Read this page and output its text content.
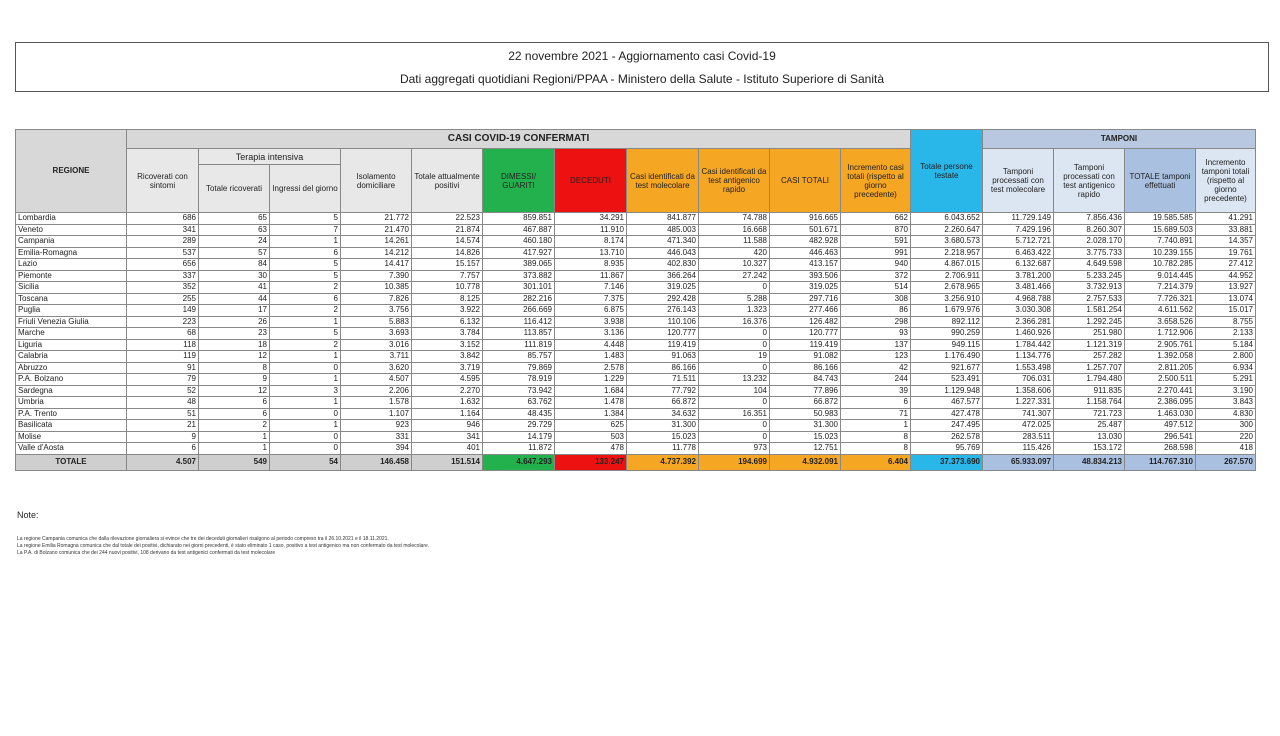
22 novembre 2021 - Aggiornamento casi Covid-19
Dati aggregati quotidiani Regioni/PPAA - Ministero della Salute - Istituto Superiore di Sanità
REGIONE	CASI COVID-19 CONFERMATI											Totale persone testate	TAMPONI			
	Ricoverati con sintomi	Terapia intensiva		Isolamento domiciliare	Totale attualmente positivi	DIMESSI/ GUARITI	DECEDUTI	Casi identificati da test molecolare	Casi identificati da test antigenico rapido	CASI TOTALI	Incremento casi totali (rispetto al giorno precedente)		Tamponi processati con test molecolare	Tamponi processati con test antigenico rapido	TOTALE tamponi effettuati	Incremento tamponi totali (rispetto al giorno precedente)
		Totale ricoverati	Ingressi del giorno													
Lombardia	686	65	5	21.772	22.523	859.851	34.291	841.877	74.788	916.665	662	6.043.652	11.729.149	7.856.436	19.585.585	41.291
Veneto	341	63	7	21.470	21.874	467.887	11.910	485.003	16.668	501.671	870	2.260.647	7.429.196	8.260.307	15.689.503	33.881
Campania	289	24	1	14.261	14.574	460.180	8.174	471.340	11.588	482.928	591	3.680.573	5.712.721	2.028.170	7.740.891	14.357
Emilia-Romagna	537	57	6	14.212	14.826	417.927	13.710	446.043	420	446.463	991	2.218.957	6.463.422	3.775.733	10.239.155	19.761
Lazio	656	84	5	14.417	15.157	389.065	8.935	402.830	10.327	413.157	940	4.867.015	6.132.687	4.649.598	10.782.285	27.412
Piemonte	337	30	5	7.390	7.757	373.882	11.867	366.264	27.242	393.506	372	2.706.911	3.781.200	5.233.245	9.014.445	44.952
Sicilia	352	41	2	10.385	10.778	301.101	7.146	319.025	0	319.025	514	2.678.965	3.481.466	3.732.913	7.214.379	13.927
Toscana	255	44	6	7.826	8.125	282.216	7.375	292.428	5.288	297.716	308	3.256.910	4.968.788	2.757.533	7.726.321	13.074
Puglia	149	17	2	3.756	3.922	266.669	6.875	276.143	1.323	277.466	86	1.679.976	3.030.308	1.581.254	4.611.562	15.017
Friuli Venezia Giulia	223	26	1	5.883	6.132	116.412	3.938	110.106	16.376	126.482	298	892.112	2.366.281	1.292.245	3.658.526	8.755
Marche	68	23	5	3.693	3.784	113.857	3.136	120.777	0	120.777	93	990.259	1.460.926	251.980	1.712.906	2.133
Liguria	118	18	2	3.016	3.152	111.819	4.448	119.419	0	119.419	137	949.115	1.784.442	1.121.319	2.905.761	5.184
Calabria	119	12	1	3.711	3.842	85.757	1.483	91.063	19	91.082	123	1.176.490	1.134.776	257.282	1.392.058	2.800
Abruzzo	91	8	0	3.620	3.719	79.869	2.578	86.166	0	86.166	42	921.677	1.553.498	1.257.707	2.811.205	6.934
P.A. Bolzano	79	9	1	4.507	4.595	78.919	1.229	71.511	13.232	84.743	244	523.491	706.031	1.794.480	2.500.511	5.291
Sardegna	52	12	3	2.206	2.270	73.942	1.684	77.792	104	77.896	39	1.129.948	1.358.606	911.835	2.270.441	3.190
Umbria	48	6	1	1.578	1.632	63.762	1.478	66.872	0	66.872	6	467.577	1.227.331	1.158.764	2.386.095	3.843
P.A. Trento	51	6	0	1.107	1.164	48.435	1.384	34.632	16.351	50.983	71	427.478	741.307	721.723	1.463.030	4.830
Basilicata	21	2	1	923	946	29.729	625	31.300	0	31.300	1	247.495	472.025	25.487	497.512	300
Molise	9	1	0	331	341	14.179	503	15.023	0	15.023	8	262.578	283.511	13.030	296.541	220
Valle d'Aosta	6	1	0	394	401	11.872	478	11.778	973	12.751	8	95.769	115.426	153.172	268.598	418
TOTALE	4.507	549	54	146.458	151.514	4.647.293	133.247	4.737.392	194.699	4.932.091	6.404	37.373.690	65.933.097	48.834.213	114.767.310	267.570
Note:
La regione Campania comunica che dalla rilevazione giornaliera si evince che tre dei deceduti giornalieri risalgono al periodo compreso tra il 26.10.2021 e il 18.11.2021.
La regione Emilia Romagna comunica che dal totale dei positivi, dichiarato nei giorni precedenti, è stato eliminato 1 caso, positivo a test antigenico ma non confermato da test molecolare.
La P.A. di Bolzano comunica che dei 244 nuovi positivi, 108 derivano da test antigenici confermati da test molecolare
